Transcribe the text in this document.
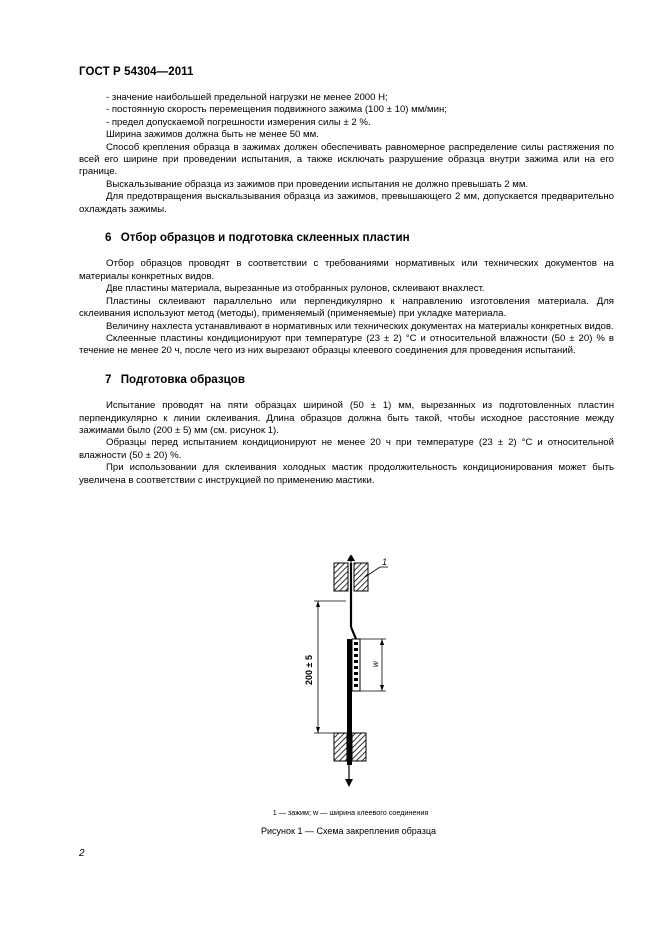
ГОСТ Р 54304—2011

- значение наибольшей предельной нагрузки не менее 2000 Н;

- постоянную скорость перемещения подвижного зажима (100 ± 10) мм/мин;

- предел допускаемой погрешности измерения силы ± 2 %.

Ширина зажимов должна быть не менее 50 мм.

Способ крепления образца в зажимах должен обеспечивать равномерное распределение силы растяжения по всей его ширине при проведении испытания, а также исключать разрушение образца внутри зажима или на его границе.

Выскальзывание образца из зажимов при проведении испытания не должно превышать 2 мм.

Для предотвращения выскальзывания образца из зажимов, превышающего 2 мм, допускается предварительно охлаждать зажимы.

6 Отбор образцов и подготовка склеенных пластин

Отбор образцов проводят в соответствии с требованиями нормативных или технических документов на материалы конкретных видов.

Две пластины материала, вырезанные из отобранных рулонов, склеивают внахлест.

Пластины склеивают параллельно или перпендикулярно к направлению изготовления материала. Для склеивания используют метод (методы), применяемый (применяемые) при укладке материала.

Величину нахлеста устанавливают в нормативных или технических документах на материалы конкретных видов.

Склеенные пластины кондиционируют при температуре (23 ± 2) °С и относительной влажности (50 ± 20) % в течение не менее 20 ч, после чего из них вырезают образцы клеевого соединения для проведения испытаний.

7 Подготовка образцов

Испытание проводят на пяти образцах шириной (50 ± 1) мм, вырезанных из подготовленных пластин перпендикулярно к линии склеивания. Длина образцов должна быть такой, чтобы исходное расстояние между зажимами было (200 ± 5) мм (см. рисунок 1).

Образцы перед испытанием кондиционируют не менее 20 ч при температуре (23 ± 2) °С и относительной влажности (50 ± 20) %.

При использовании для склеивания холодных мастик продолжительность кондиционирования может быть увеличена в соответствии с инструкцией по применению мастики.

1
w
200 ± 5
1 — зажим; w — ширина клеевого соединения
Рисунок 1 — Схема закрепления образца
2
